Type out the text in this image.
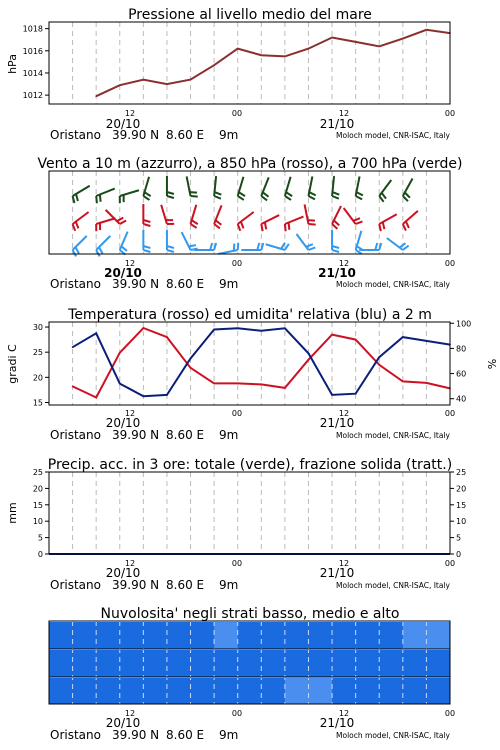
Pressione al livello medio del mare
hPa
1012
1014
1016
1018
12	00	12	00
20/10	21/10
Oristano 39.90 N 8.60 E 9m	Moloch model, CNR-ISAC, Italy
Vento a 10 m (azzurro), a 850 hPa (rosso), a 700 hPa (verde)
12	00	12	00
20/10	21/10
Oristano 39.90 N 8.60 E 9m	Moloch model, CNR-ISAC, Italy
Temperatura (rosso) ed umidita' relativa (blu) a 2 m
gradi C	%
15
20
25
30
40
60
80
100
12	00	12	00
20/10	21/10
Oristano 39.90 N 8.60 E 9m	Moloch model, CNR-ISAC, Italy
Precip. acc. in 3 ore: totale (verde), frazione solida (tratt.)
mm
0
5
10
15
20
25
0
5
10
15
20
25
12	00	12	00
20/10	21/10
Oristano 39.90 N 8.60 E 9m	Moloch model, CNR-ISAC, Italy
Nuvolosita' negli strati basso, medio e alto
12	00	12	00
20/10	21/10
Oristano 39.90 N 8.60 E 9m	Moloch model, CNR-ISAC, Italy
